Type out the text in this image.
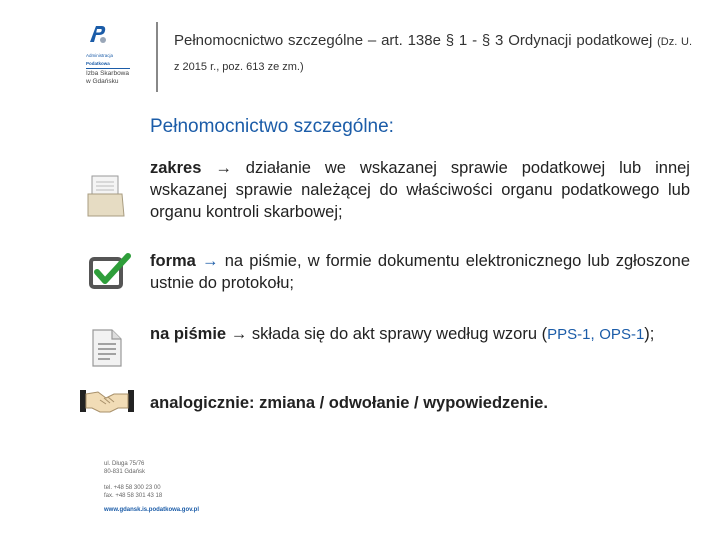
Administracja
Podatkowa
Izba Skarbowa
w Gdańsku
Pełnomocnictwo szczególne – art. 138e § 1 - § 3 Ordynacji podatkowej (Dz. U. z 2015 r., poz. 613 ze zm.)
Pełnomocnictwo szczególne:
zakres → działanie we wskazanej sprawie podatkowej lub innej wskazanej sprawie należącej do właściwości organu podatkowego lub organu kontroli skarbowej;
forma → na piśmie, w formie dokumentu elektronicznego lub zgłoszone ustnie do protokołu;
na piśmie → składa się do akt sprawy według wzoru (PPS-1, OPS-1);
analogicznie: zmiana / odwołanie / wypowiedzenie.
ul. Długa 75/76
80-831 Gdańsk
tel. +48 58 300 23 00
fax. +48 58 301 43 18
www.gdansk.is.podatkowa.gov.pl
